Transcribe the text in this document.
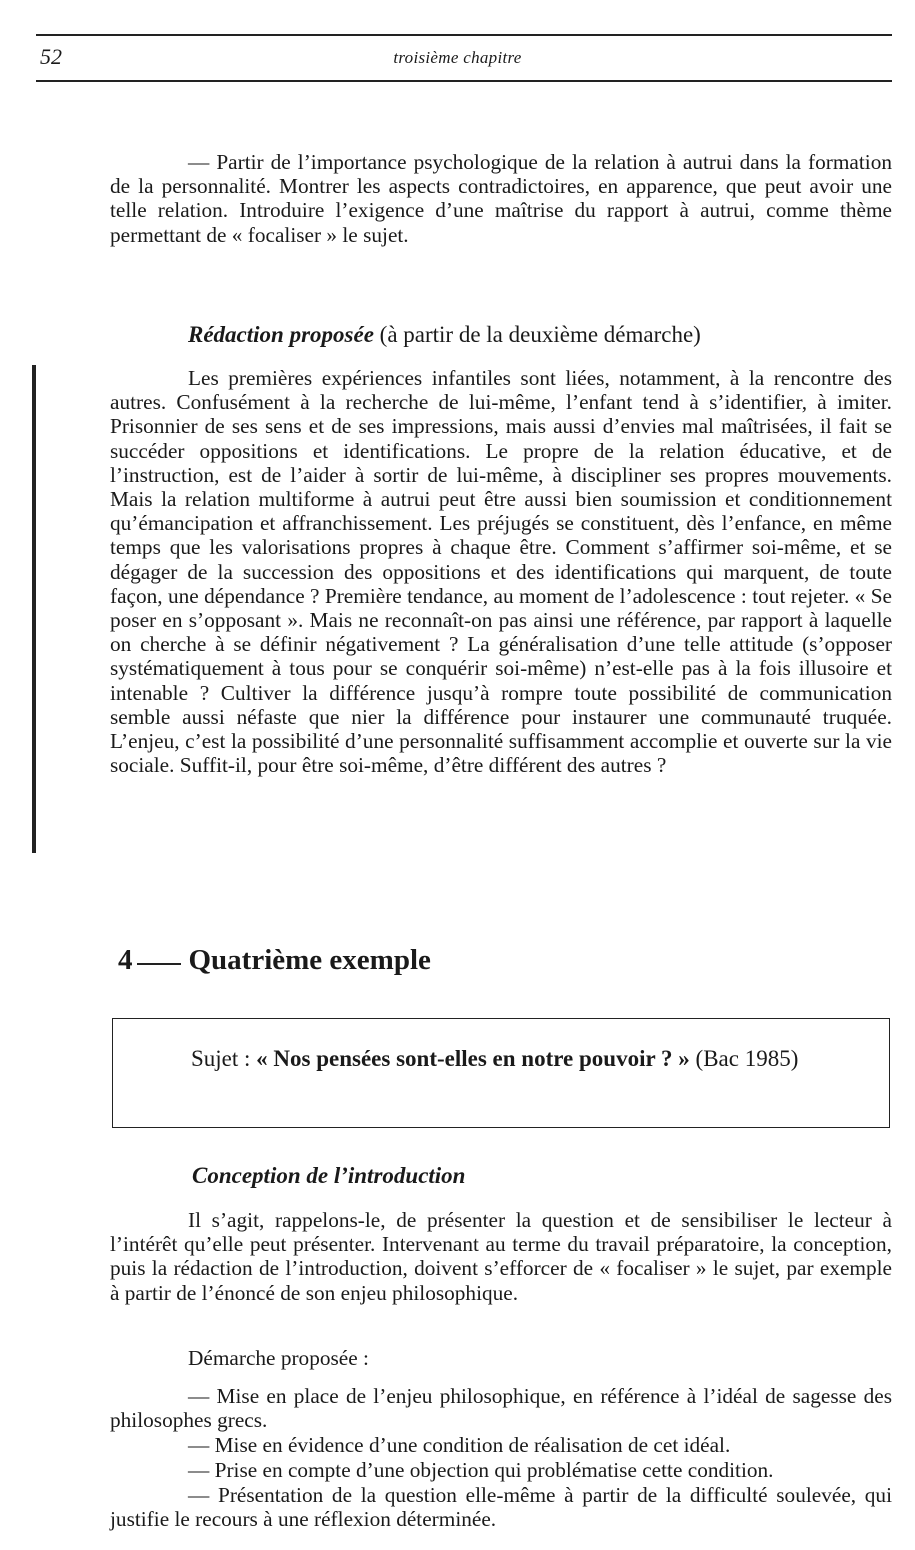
52	troisième chapitre

— Partir de l’importance psychologique de la relation à autrui dans la formation de la personnalité. Montrer les aspects contradictoires, en apparence, que peut avoir une telle relation. Introduire l’exigence d’une maîtrise du rapport à autrui, comme thème permettant de « focaliser » le sujet.

Rédaction proposée (à partir de la deuxième démarche)

Les premières expériences infantiles sont liées, notamment, à la rencontre des autres. Confusément à la recherche de lui-même, l’enfant tend à s’identifier, à imiter. Prisonnier de ses sens et de ses impressions, mais aussi d’envies mal maîtrisées, il fait se succéder oppositions et identifications. Le propre de la relation éducative, et de l’instruction, est de l’aider à sortir de lui-même, à discipliner ses propres mouvements. Mais la relation multiforme à autrui peut être aussi bien soumission et conditionnement qu’émancipation et affranchissement. Les préjugés se constituent, dès l’enfance, en même temps que les valorisations propres à chaque être. Comment s’affirmer soi-même, et se dégager de la succession des oppositions et des identifications qui marquent, de toute façon, une dépendance ? Première tendance, au moment de l’adolescence : tout rejeter. « Se poser en s’opposant ». Mais ne reconnaît-on pas ainsi une référence, par rapport à laquelle on cherche à se définir négativement ? La généralisation d’une telle attitude (s’opposer systématiquement à tous pour se conquérir soi-même) n’est-elle pas à la fois illusoire et intenable ? Cultiver la différence jusqu’à rompre toute possibilité de communication semble aussi néfaste que nier la différence pour instaurer une communauté truquée. L’enjeu, c’est la possibilité d’une personnalité suffisamment accomplie et ouverte sur la vie sociale. Suffit-il, pour être soi-même, d’être différent des autres ?

4 Quatrième exemple
Sujet : « Nos pensées sont-elles en notre pouvoir ? » (Bac 1985)
Conception de l’introduction

Il s’agit, rappelons-le, de présenter la question et de sensibiliser le lecteur à l’intérêt qu’elle peut présenter. Intervenant au terme du travail préparatoire, la conception, puis la rédaction de l’introduction, doivent s’efforcer de « focaliser » le sujet, par exemple à partir de l’énoncé de son enjeu philosophique.

Démarche proposée :

— Mise en place de l’enjeu philosophique, en référence à l’idéal de sagesse des philosophes grecs.

— Mise en évidence d’une condition de réalisation de cet idéal.

— Prise en compte d’une objection qui problématise cette condition.

— Présentation de la question elle-même à partir de la difficulté soulevée, qui justifie le recours à une réflexion déterminée.
